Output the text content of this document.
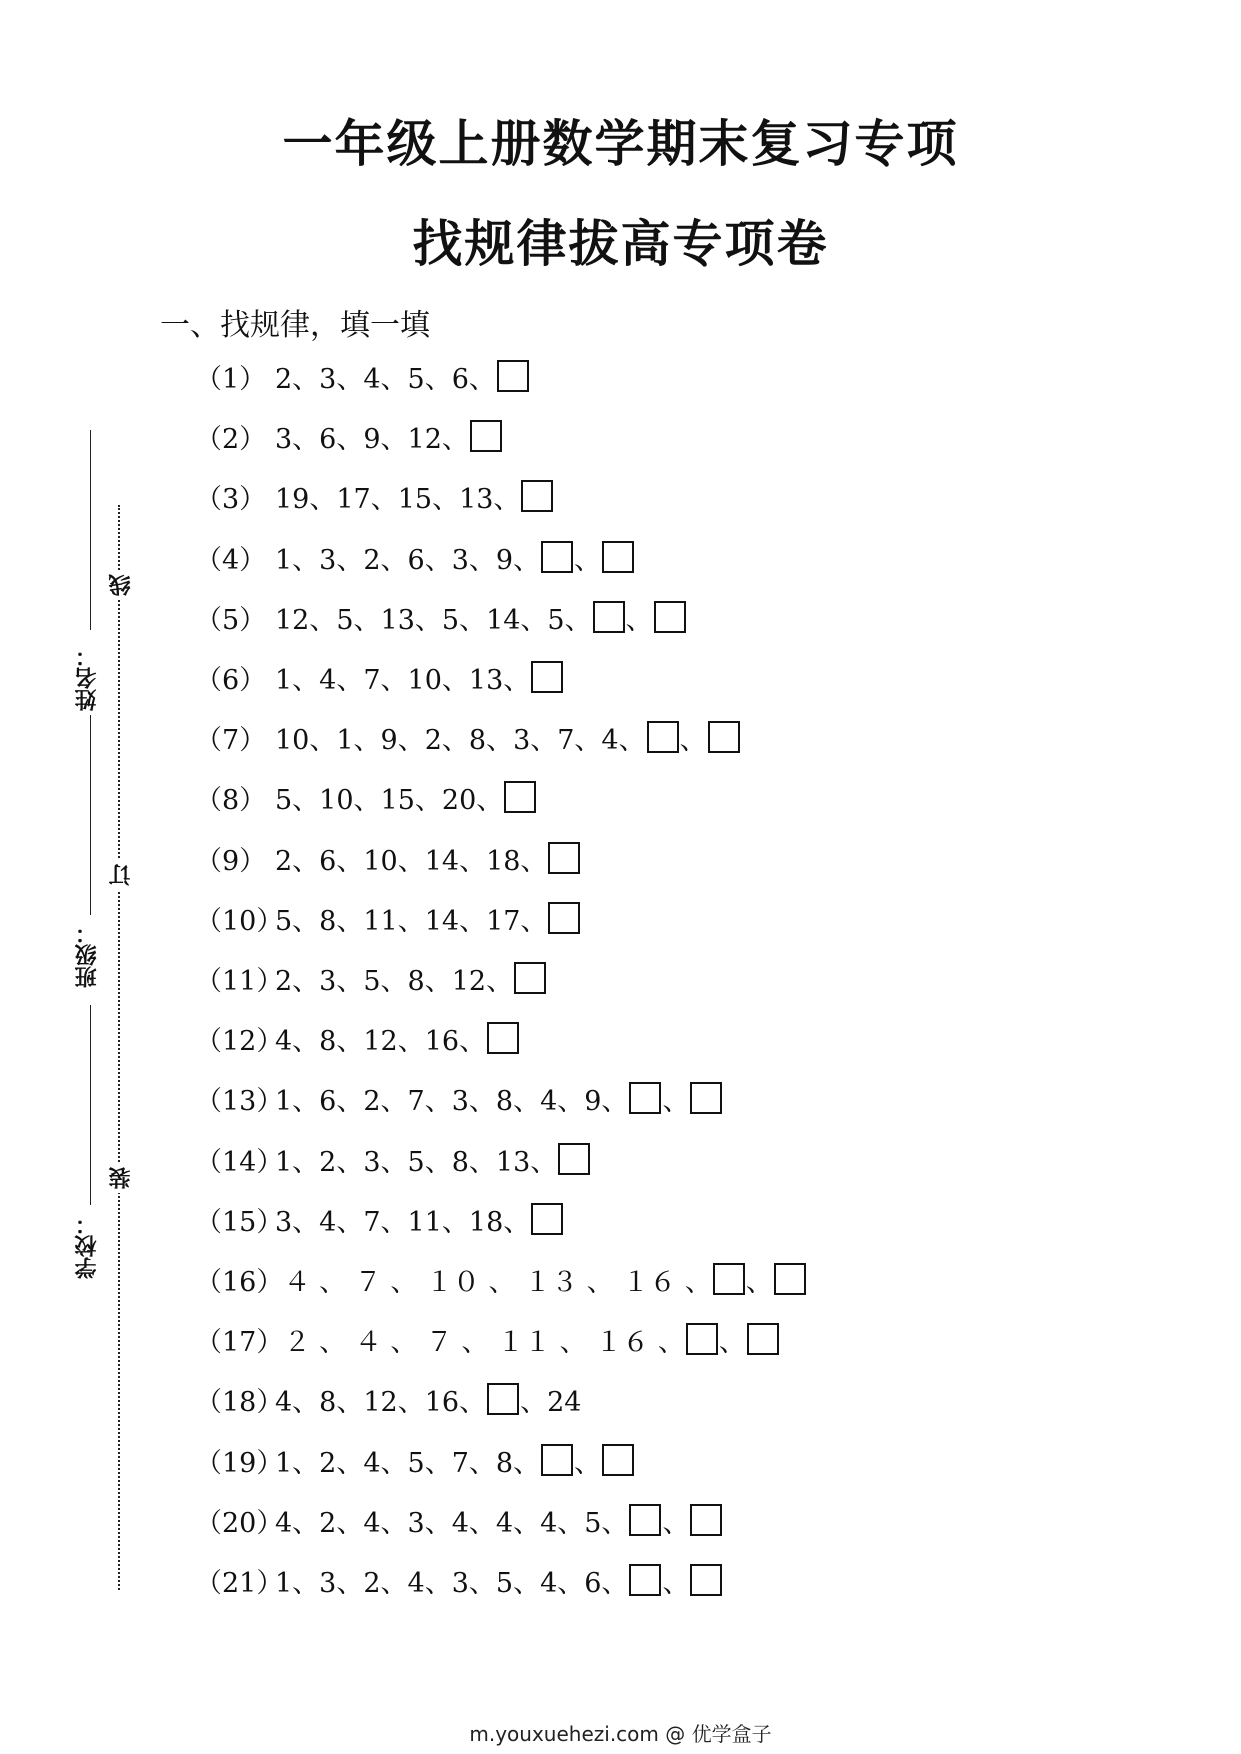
一年级上册数学期末复习专项
找规律拔高专项卷
一、找规律，填一填
姓名：
班级：
学校：
线
订
装
（1） 2、3、4、5、6、
（2） 3、6、9、12、
（3） 19、17、15、13、
（4） 1、3、2、6、3、9、 、
（5） 12、5、13、5、14、5、 、
（6） 1、4、7、10、13、
（7） 10、1、9、2、8、3、7、4、 、
（8） 5、10、15、20、
（9） 2、6、10、14、18、
（10）5、8、11、14、17、
（11）2、3、5、8、12、
（12）4、8、12、16、
（13）1、6、2、7、3、8、4、9、 、
（14）1、2、3、5、8、13、
（15）3、4、7、11、18、
（16） ４ 、 ７ 、 １０ 、 １３ 、 １６ 、 、
（17） ２ 、 ４ 、 ７ 、 １１ 、 １６ 、 、
（18）4、8、12、16、 、24
（19）1、2、4、5、7、8、 、
（20）4、2、4、3、4、4、4、5、 、
（21）1、3、2、4、3、5、4、6、 、
m.youxuehezi.com @ 优学盒子
